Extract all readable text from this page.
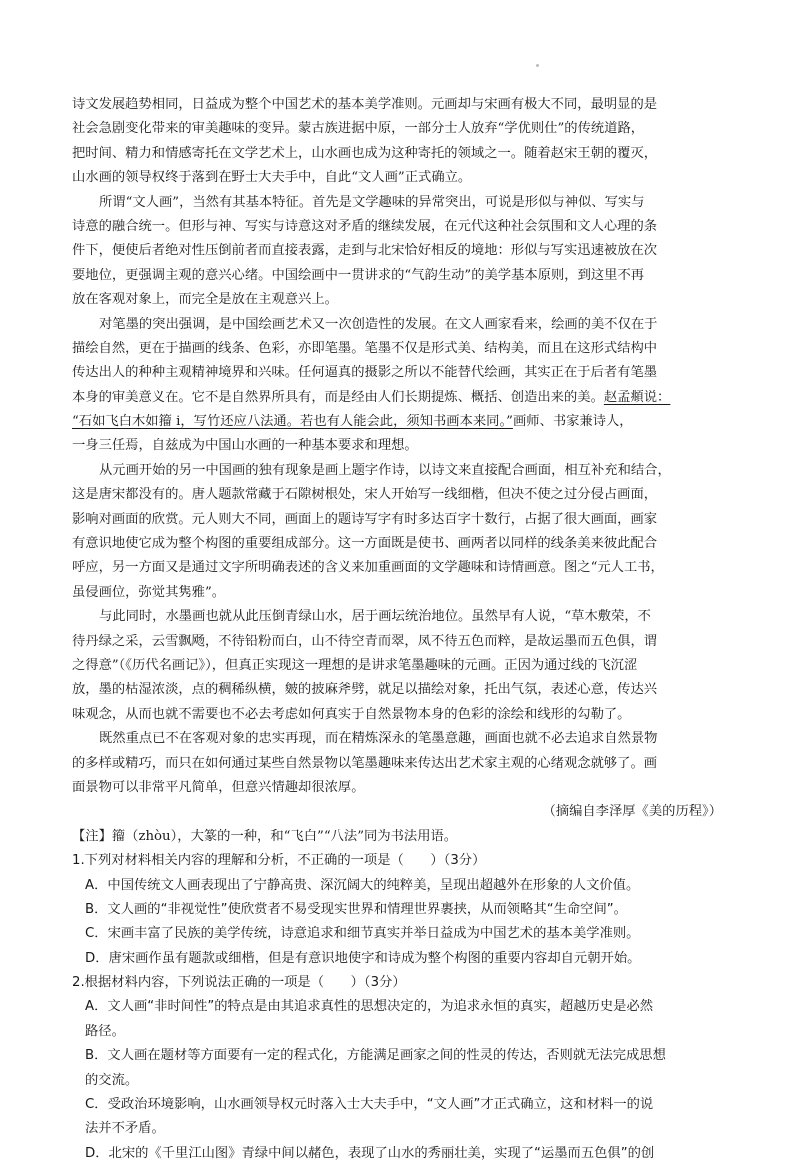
诗文发展趋势相同，日益成为整个中国艺术的基本美学准则。元画却与宋画有极大不同，最明显的是
社会急剧变化带来的审美趣味的变异。蒙古族进据中原，一部分士人放弃“学优则仕”的传统道路，
把时间、精力和情感寄托在文学艺术上，山水画也成为这种寄托的领域之一。随着赵宋王朝的覆灭，
山水画的领导权终于落到在野士大夫手中，自此“文人画”正式确立。
所谓“文人画”，当然有其基本特征。首先是文学趣味的异常突出，可说是形似与神似、写实与
诗意的融合统一。但形与神、写实与诗意这对矛盾的继续发展，在元代这种社会氛围和文人心理的条
件下，便使后者绝对性压倒前者而直接表露，走到与北宋恰好相反的境地：形似与写实迅速被放在次
要地位，更强调主观的意兴心绪。中国绘画中一贯讲求的“气韵生动”的美学基本原则，到这里不再
放在客观对象上，而完全是放在主观意兴上。
对笔墨的突出强调，是中国绘画艺术又一次创造性的发展。在文人画家看来，绘画的美不仅在于
描绘自然，更在于描画的线条、色彩，亦即笔墨。笔墨不仅是形式美、结构美，而且在这形式结构中
传达出人的种种主观精神境界和兴味。任何逼真的摄影之所以不能替代绘画，其实正在于后者有笔墨
本身的审美意义在。它不是自然界所具有，而是经由人们长期提炼、概括、创造出来的美。赵孟頫说：
“石如飞白木如籀 i，写竹还应八法通。若也有人能会此，须知书画本来同。”画师、书家兼诗人，
一身三任焉，自兹成为中国山水画的一种基本要求和理想。
从元画开始的另一中国画的独有现象是画上题字作诗，以诗文来直接配合画面，相互补充和结合，
这是唐宋都没有的。唐人题款常藏于石隙树根处，宋人开始写一线细楷，但决不使之过分侵占画面，
影响对画面的欣赏。元人则大不同，画面上的题诗写字有时多达百字十数行，占据了很大画面，画家
有意识地使它成为整个构图的重要组成部分。这一方面既是使书、画两者以同样的线条美来彼此配合
呼应，另一方面又是通过文字所明确表述的含义来加重画面的文学趣味和诗情画意。图之“元人工书，
虽侵画位，弥觉其隽雅”。
与此同时，水墨画也就从此压倒青绿山水，居于画坛统治地位。虽然早有人说，“草木敷荣，不
待丹绿之采，云雪飘飏，不待铅粉而白，山不待空青而翠，凤不待五色而粹，是故运墨而五色俱，谓
之得意”（《历代名画记》），但真正实现这一理想的是讲求笔墨趣味的元画。正因为通过线的飞沉涩
放，墨的枯湿浓淡，点的稠稀纵横，皴的披麻斧劈，就足以描绘对象，托出气氛，表述心意，传达兴
味观念，从而也就不需要也不必去考虑如何真实于自然景物本身的色彩的涂绘和线形的勾勒了。
既然重点已不在客观对象的忠实再现，而在精炼深永的笔墨意趣，画面也就不必去追求自然景物
的多样或精巧，而只在如何通过某些自然景物以笔墨趣味来传达出艺术家主观的心绪观念就够了。画
面景物可以非常平凡简单，但意兴情趣却很浓厚。
（摘编自李泽厚《美的历程》）
【注】籀（zhòu），大篆的一种，和“飞白”“八法”同为书法用语。
1.下列对材料相关内容的理解和分析，不正确的一项是（　　）（3分）
A．中国传统文人画表现出了宁静高贵、深沉阔大的纯粹美，呈现出超越外在形象的人文价值。
B．文人画的“非视觉性”使欣赏者不易受现实世界和情理世界裹挟，从而领略其“生命空间”。
C．宋画丰富了民族的美学传统，诗意追求和细节真实并举日益成为中国艺术的基本美学准则。
D．唐宋画作虽有题款或细楷，但是有意识地使字和诗成为整个构图的重要内容却自元朝开始。
2.根据材料内容，下列说法正确的一项是（　　）（3分）
A．文人画“非时间性”的特点是由其追求真性的思想决定的，为追求永恒的真实，超越历史是必然
路径。
B．文人画在题材等方面要有一定的程式化，方能满足画家之间的性灵的传达，否则就无法完成思想
的交流。
C．受政治环境影响，山水画领导权元时落入士大夫手中，“文人画”才正式确立，这和材料一的说
法并不矛盾。
D．北宋的《千里江山图》青绿中间以赭色，表现了山水的秀丽壮美，实现了“运墨而五色俱”的创
